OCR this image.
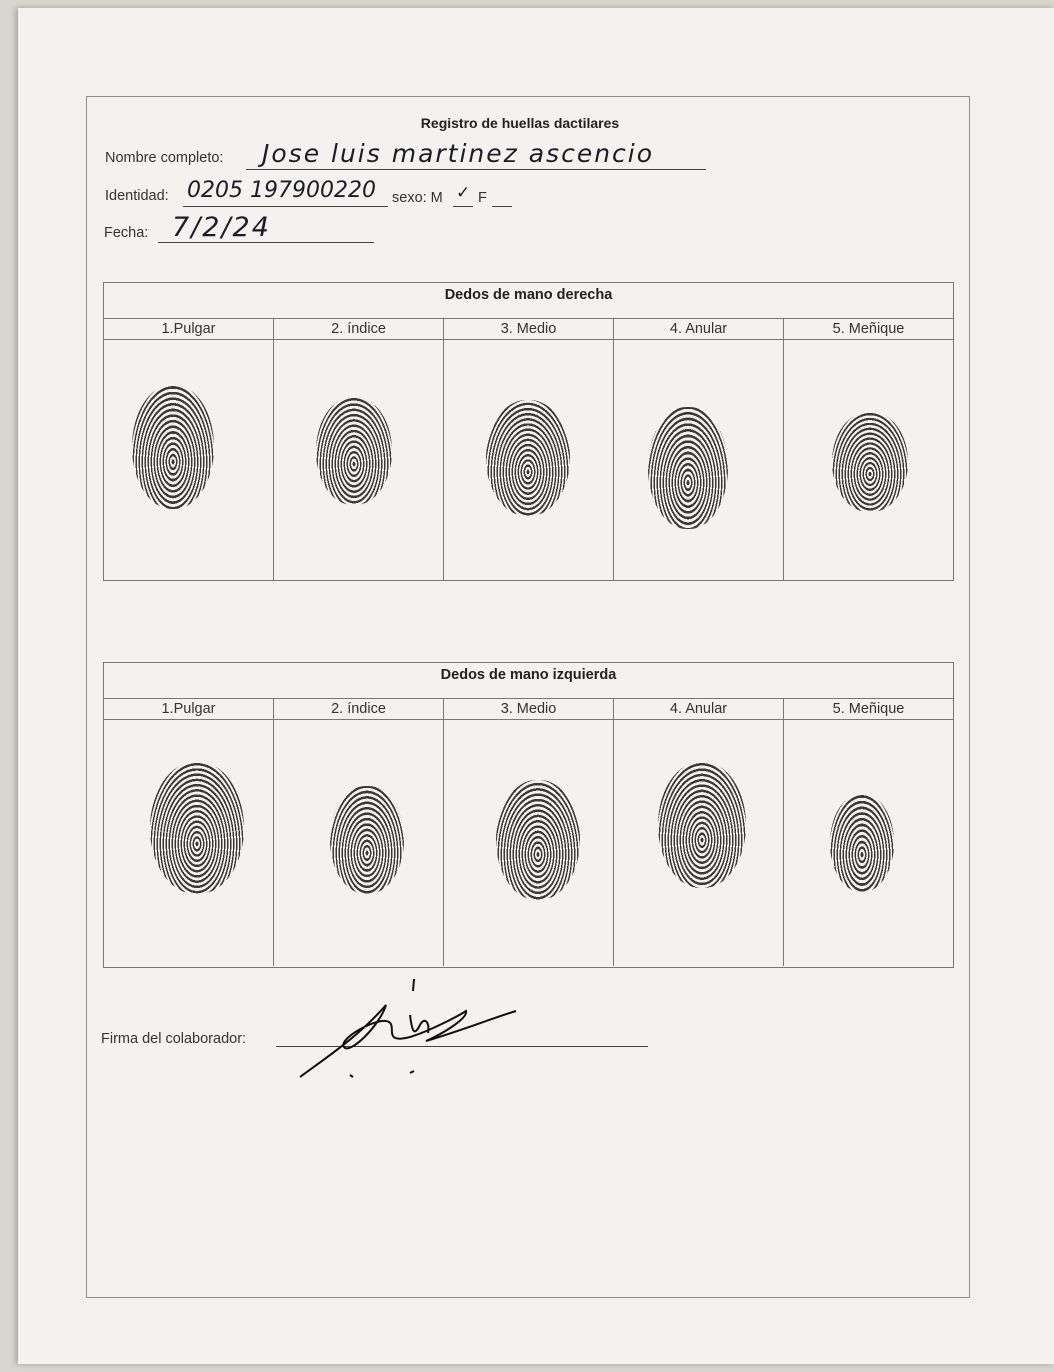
Registro de huellas dactilares
Nombre completo: Jose luis martinez ascencio
Identidad: 0205 197900220 sexo: M ✓ F
Fecha: 7/2/24
Dedos de mano derecha
1.Pulgar	2. índice	3. Medio	4. Anular	5. Meñique
Dedos de mano izquierda
1.Pulgar	2. índice	3. Medio	4. Anular	5. Meñique
Firma del colaborador:
